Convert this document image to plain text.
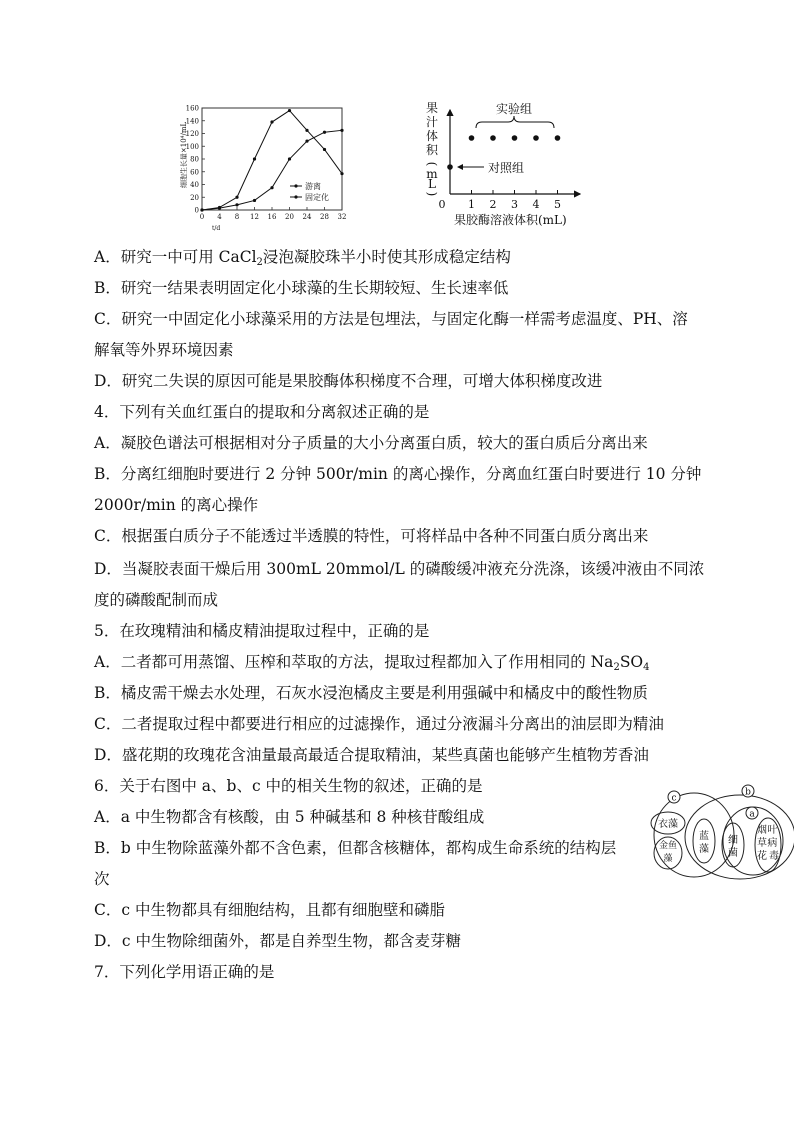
0
20
40
60
80
100
120
140
160
0 4 8 12 16 20 24 28 32
细胞生长量×10⁴/mL
t/d
游离
固定化
果
汁
体
积
(
m
L
)
0 1 2 3 4 5
果胶酶溶液体积(mL)
实验组
对照组
c
b
a
衣藻
金鱼藻
蓝藻
细菌
烟叶 草病 花 毒
A．研究一中可用 CaCl$_2$浸泡凝胶珠半小时使其形成稳定结构
B．研究一结果表明固定化小球藻的生长期较短、生长速率低
C．研究一中固定化小球藻采用的方法是包埋法，与固定化酶一样需考虑温度、PH、溶
解氧等外界环境因素
D．研究二失误的原因可能是果胶酶体积梯度不合理，可增大体积梯度改进
4．下列有关血红蛋白的提取和分离叙述正确的是
A．凝胶色谱法可根据相对分子质量的大小分离蛋白质，较大的蛋白质后分离出来
B．分离红细胞时要进行 2 分钟 500r/min 的离心操作，分离血红蛋白时要进行 10 分钟
2000r/min 的离心操作
C．根据蛋白质分子不能透过半透膜的特性，可将样品中各种不同蛋白质分离出来
D．当凝胶表面干燥后用 300mL 20mmol/L 的磷酸缓冲液充分洗涤，该缓冲液由不同浓
度的磷酸配制而成
5．在玫瑰精油和橘皮精油提取过程中，正确的是
A．二者都可用蒸馏、压榨和萃取的方法，提取过程都加入了作用相同的 $Na_2SO_4$
B．橘皮需干燥去水处理，石灰水浸泡橘皮主要是利用强碱中和橘皮中的酸性物质
C．二者提取过程中都要进行相应的过滤操作，通过分液漏斗分离出的油层即为精油
D．盛花期的玫瑰花含油量最高最适合提取精油，某些真菌也能够产生植物芳香油
6．关于右图中 a、b、c 中的相关生物的叙述，正确的是
A．a 中生物都含有核酸，由 5 种碱基和 8 种核苷酸组成
B．b 中生物除蓝藻外都不含色素，但都含核糖体，都构成生命系统的结构层
次
C．c 中生物都具有细胞结构，且都有细胞壁和磷脂
D．c 中生物除细菌外，都是自养型生物，都含麦芽糖
7．下列化学用语正确的是
